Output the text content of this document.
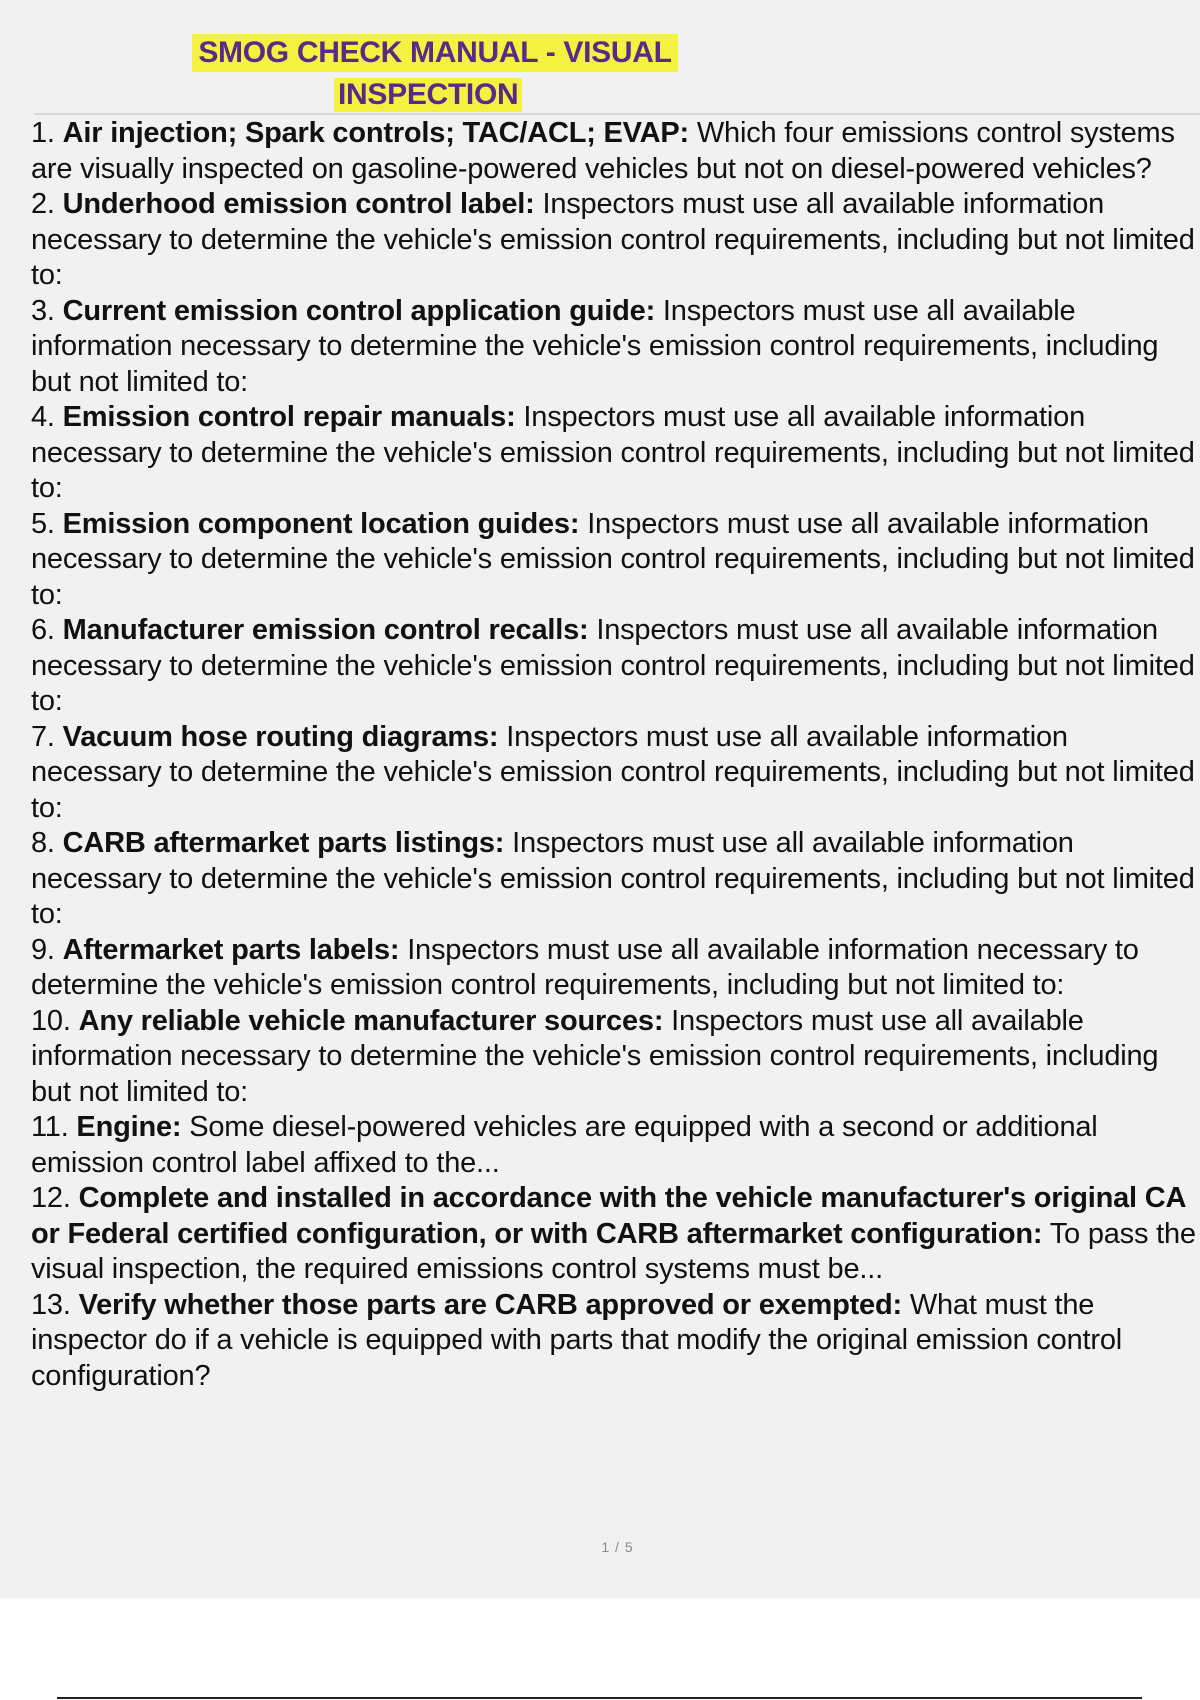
SMOG CHECK MANUAL - VISUAL
INSPECTION
1. Air injection; Spark controls; TAC/ACL; EVAP: Which four emissions control systems are visually inspected on gasoline-powered vehicles but not on diesel-powered vehicles?
2. Underhood emission control label: Inspectors must use all available information necessary to determine the vehicle's emission control requirements, including but not limited to:
3. Current emission control application guide: Inspectors must use all available information necessary to determine the vehicle's emission control requirements, including but not limited to:
4. Emission control repair manuals: Inspectors must use all available information necessary to determine the vehicle's emission control requirements, including but not limited to:
5. Emission component location guides: Inspectors must use all available information necessary to determine the vehicle's emission control requirements, including but not limited to:
6. Manufacturer emission control recalls: Inspectors must use all available information necessary to determine the vehicle's emission control requirements, including but not limited to:
7. Vacuum hose routing diagrams: Inspectors must use all available information necessary to determine the vehicle's emission control requirements, including but not limited to:
8. CARB aftermarket parts listings: Inspectors must use all available information necessary to determine the vehicle's emission control requirements, including but not limited to:
9. Aftermarket parts labels: Inspectors must use all available information necessary to determine the vehicle's emission control requirements, including but not limited to:
10. Any reliable vehicle manufacturer sources: Inspectors must use all available information necessary to determine the vehicle's emission control requirements, including but not limited to:
11. Engine: Some diesel-powered vehicles are equipped with a second or additional emission control label affixed to the...
12. Complete and installed in accordance with the vehicle manufacturer's original CA or Federal certified configuration, or with CARB aftermarket configuration: To pass the visual inspection, the required emissions control systems must be...
13. Verify whether those parts are CARB approved or exempted: What must the inspector do if a vehicle is equipped with parts that modify the original emission control configuration?
1 / 5
